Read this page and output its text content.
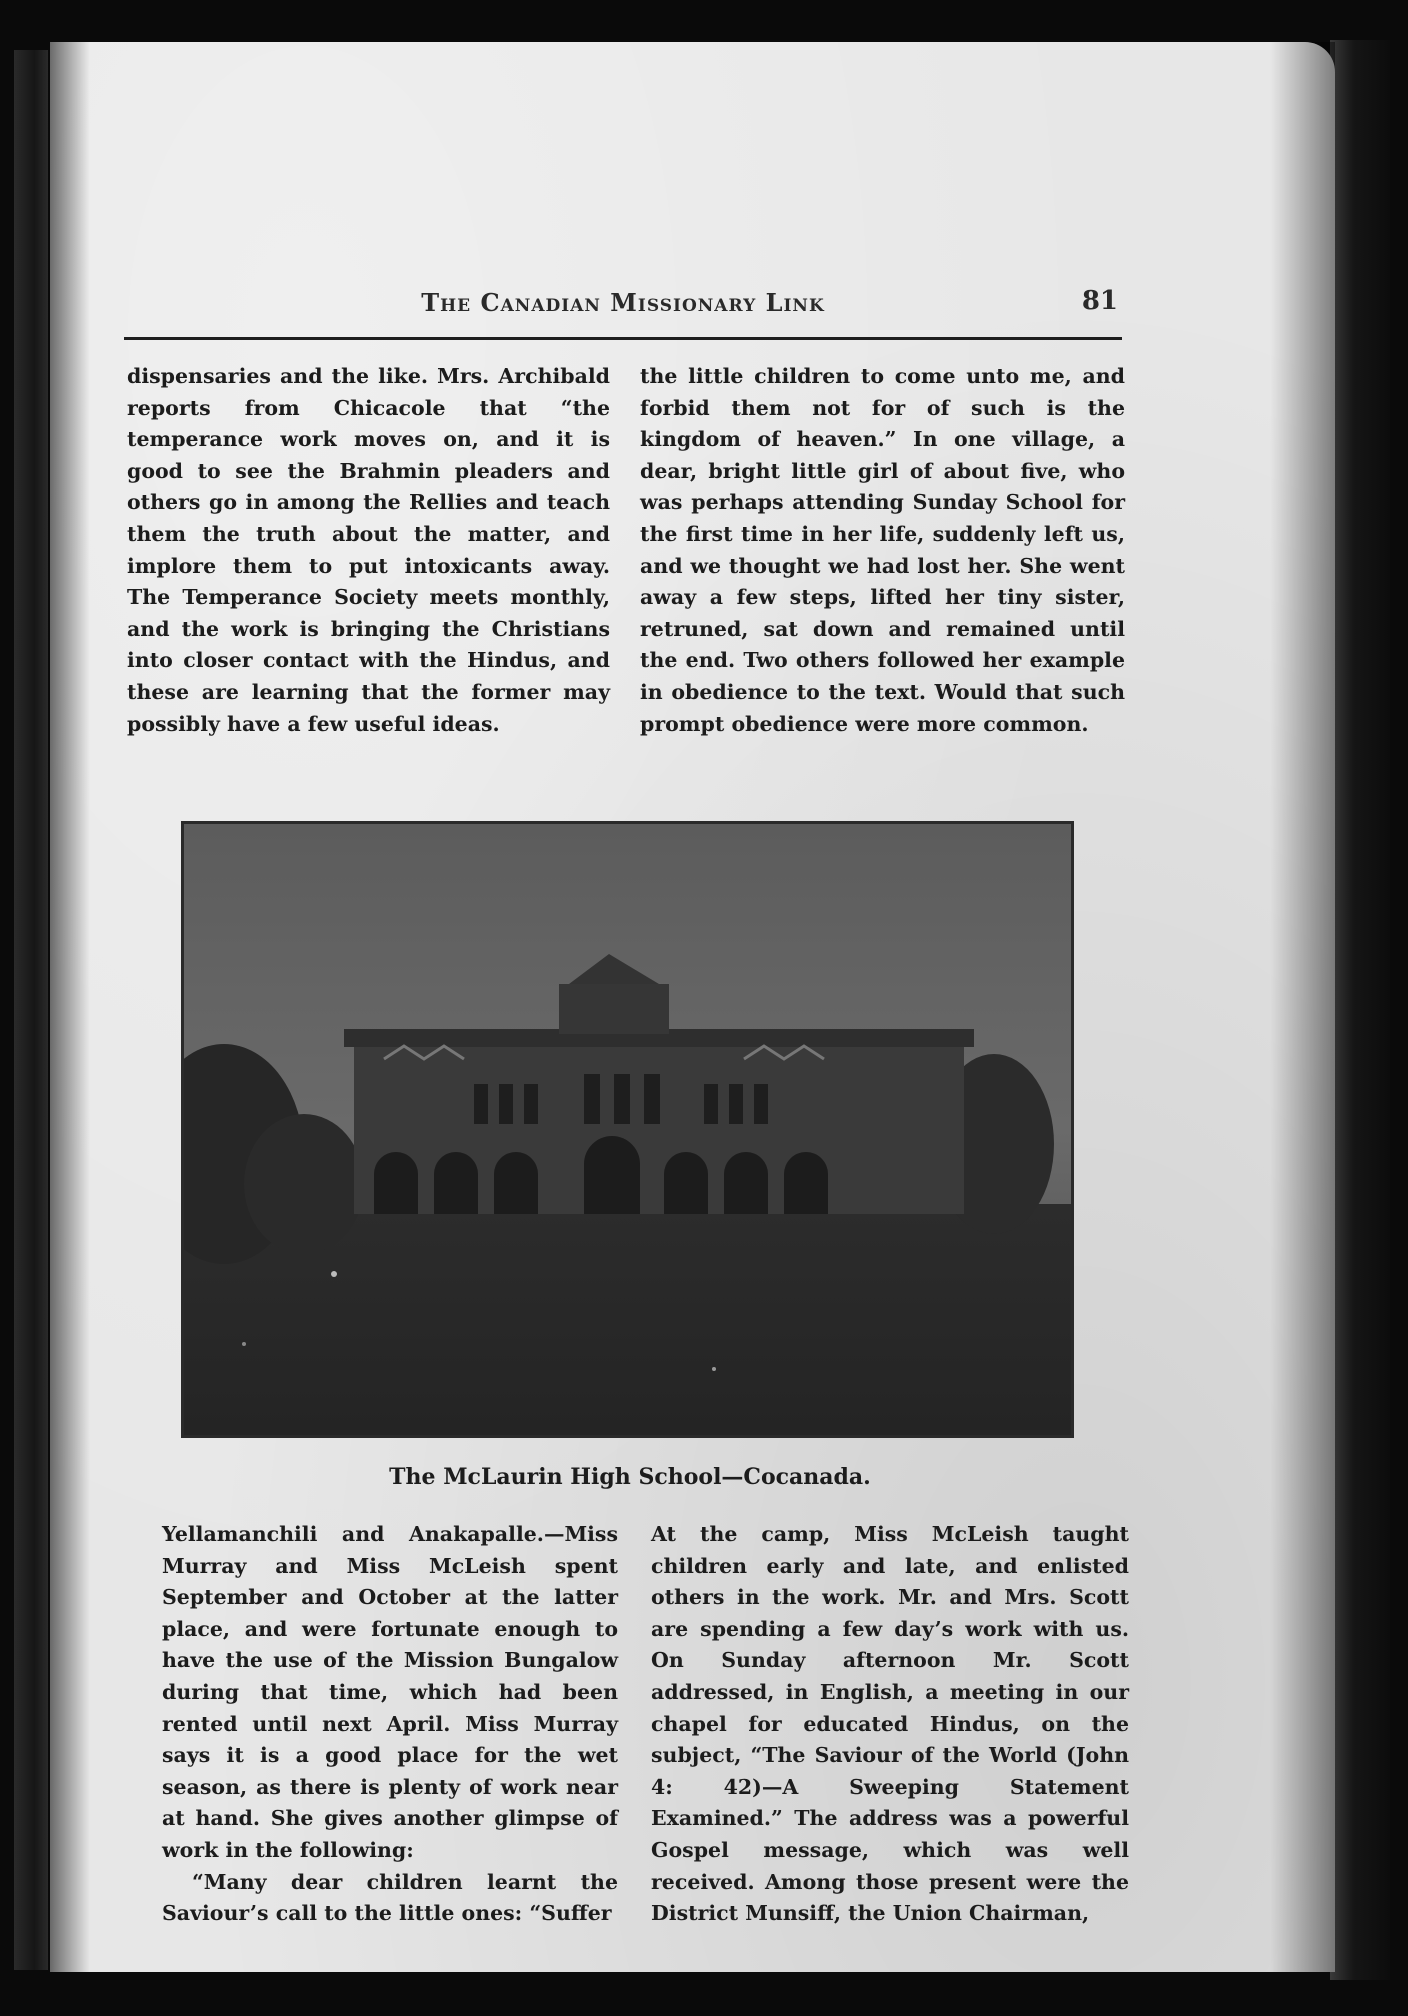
The Canadian Missionary Link	81

dispensaries and the like. Mrs. Archibald reports from Chicacole that “the temperance work moves on, and it is good to see the Brahmin pleaders and others go in among the Rellies and teach them the truth about the matter, and implore them to put intoxicants away. The Temperance Society meets monthly, and the work is bringing the Christians into closer contact with the Hindus, and these are learning that the former may possibly have a few useful ideas.

the little children to come unto me, and forbid them not for of such is the kingdom of heaven.” In one village, a dear, bright little girl of about five, who was perhaps attending Sunday School for the first time in her life, suddenly left us, and we thought we had lost her. She went away a few steps, lifted her tiny sister, retruned, sat down and remained until the end. Two others followed her example in obedience to the text. Would that such prompt obedience were more common.

The McLaurin High School—Cocanada.

Yellamanchili and Anakapalle.—Miss Murray and Miss McLeish spent September and October at the latter place, and were fortunate enough to have the use of the Mission Bungalow during that time, which had been rented until next April. Miss Murray says it is a good place for the wet season, as there is plenty of work near at hand. She gives another glimpse of work in the following:

“Many dear children learnt the Saviour’s call to the little ones: “Suffer

At the camp, Miss McLeish taught children early and late, and enlisted others in the work. Mr. and Mrs. Scott are spending a few day’s work with us. On Sunday afternoon Mr. Scott addressed, in English, a meeting in our chapel for educated Hindus, on the subject, “The Saviour of the World (John 4: 42)—A Sweeping Statement Examined.” The address was a powerful Gospel message, which was well received. Among those present were the District Munsiff, the Union Chairman,
